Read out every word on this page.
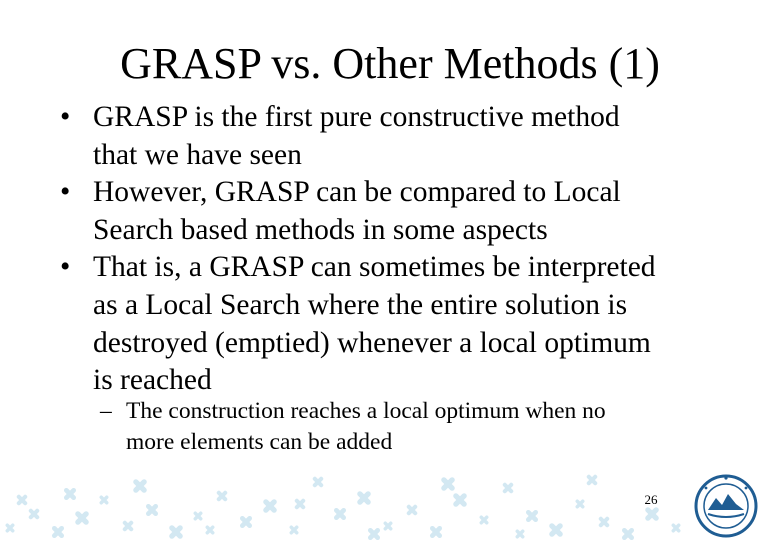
GRASP vs. Other Methods (1)
• GRASP is the first pure constructive method
that we have seen
• However, GRASP can be compared to Local
Search based methods in some aspects
• That is, a GRASP can sometimes be interpreted
as a Local Search where the entire solution is
destroyed (emptied) whenever a local optimum
is reached
– The construction reaches a local optimum when no
more elements can be added
26
